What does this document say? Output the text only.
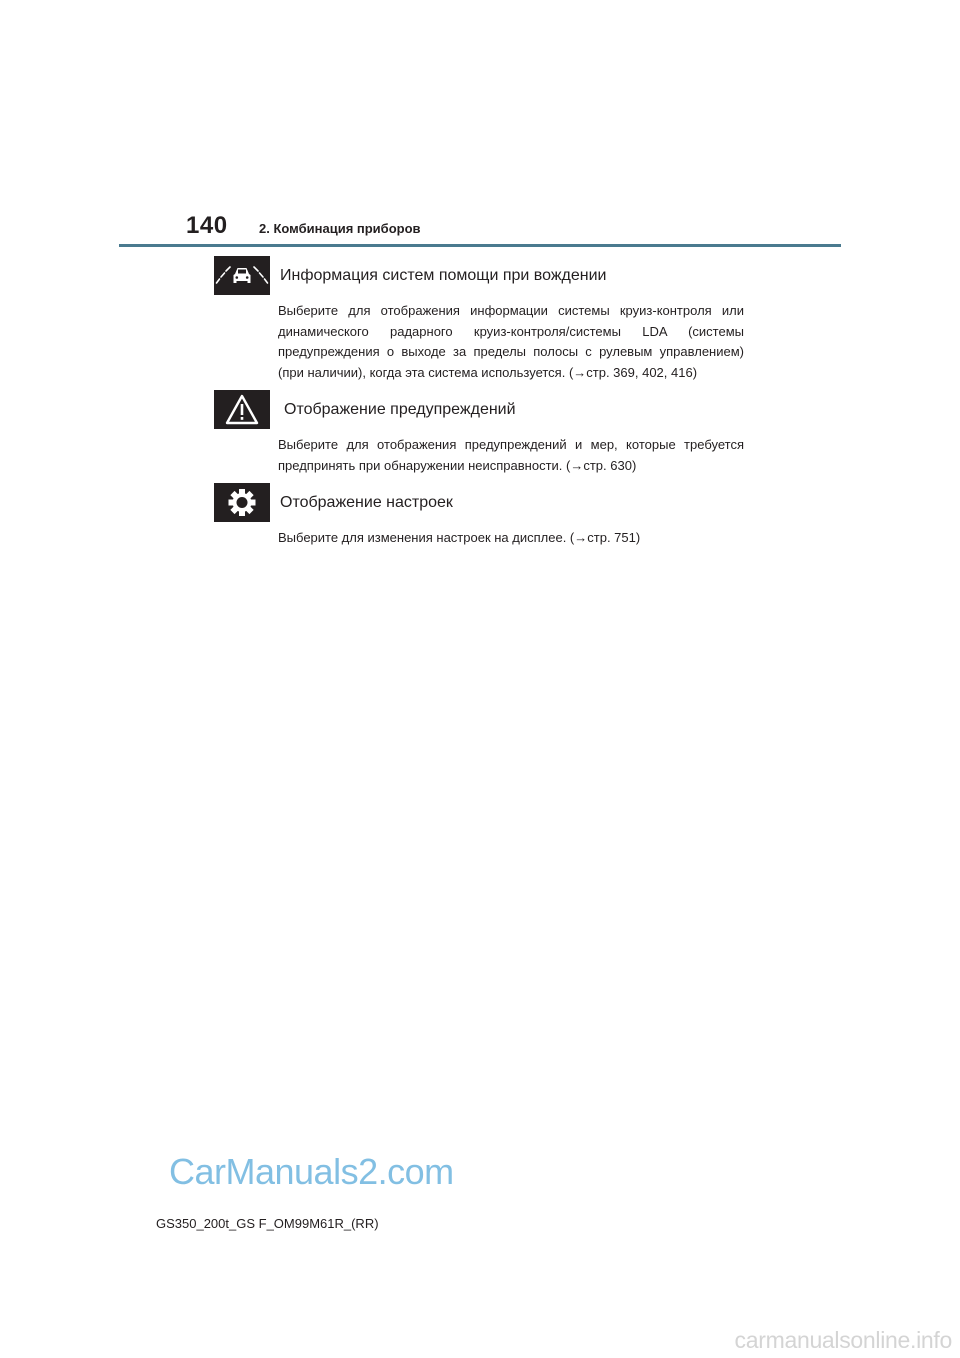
140 2. Комбинация приборов
Информация систем помощи при вождении
Выберите для отображения информации системы круиз-контроля или динамического радарного круиз-контроля/системы LDA (системы предупреждения о выходе за пределы полосы с рулевым управлением) (при наличии), когда эта система используется. (→стр. 369, 402, 416)
Отображение предупреждений
Выберите для отображения предупреждений и мер, которые требуется предпринять при обнаружении неисправности. (→стр. 630)
Отображение настроек
Выберите для изменения настроек на дисплее. (→стр. 751)
CarManuals2.com
GS350_200t_GS F_OM99M61R_(RR)
carmanualsonline.info
